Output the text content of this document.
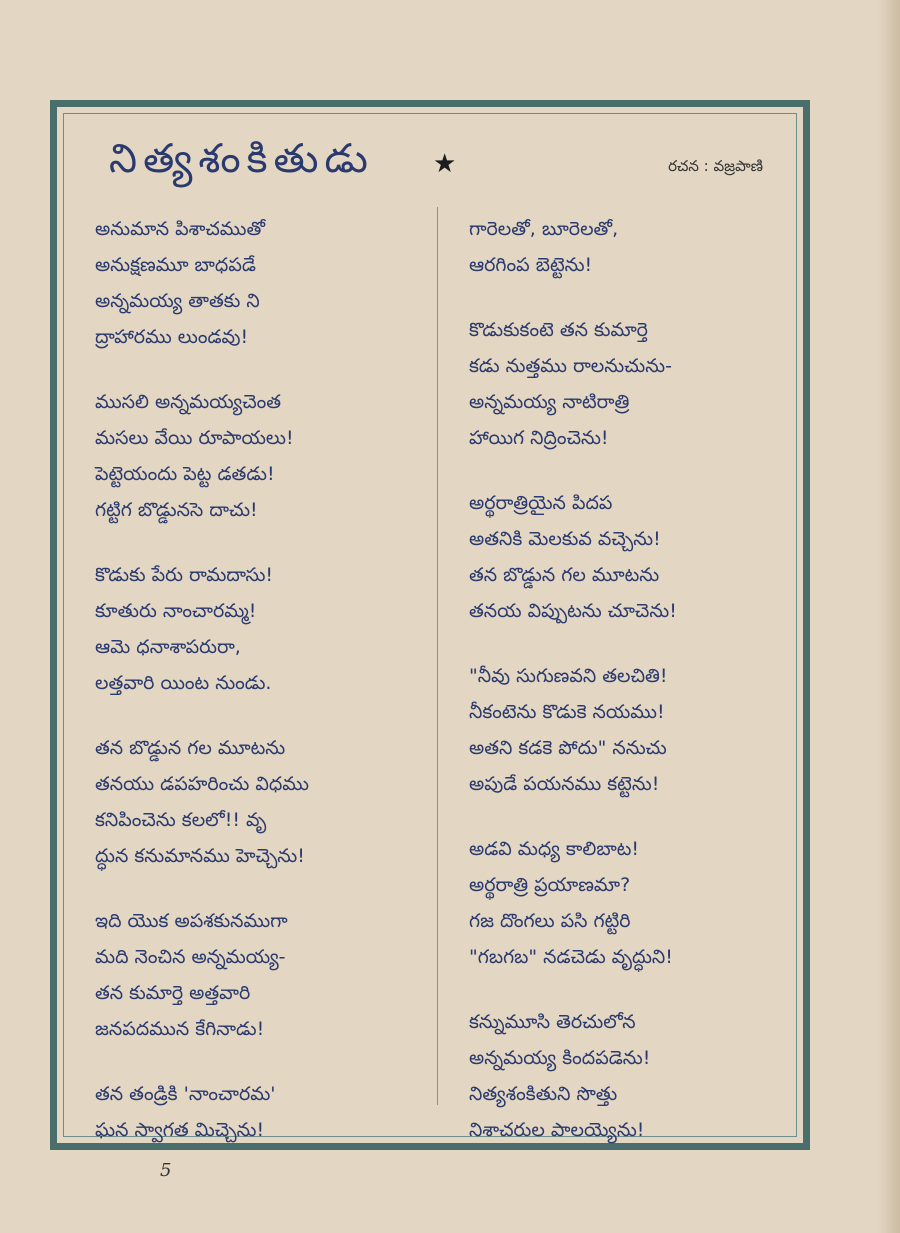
నిత్యశంకితుడు ★	రచన : వజ్రపాణి
అనుమాన పిశాచముతో
అనుక్షణమూ బాధపడే
అన్నమయ్య తాతకు ని
ద్రాహారము లుండవు!
ముసలి అన్నమయ్యచెంత
మసలు వేయి రూపాయలు!
పెట్టెయందు పెట్ట డతడు!
గట్టిగ బొడ్డునసె దాచు!
కొడుకు పేరు రామదాసు!
కూతురు నాంచారమ్మ!
ఆమె ధనాశాపరురా,
లత్తవారి యింట నుండు.
తన బొడ్డున గల మూటను
తనయు డపహరించు విధము
కనిపించెను కలలో!! వృ
ద్ధున కనుమానము హెచ్చెను!
ఇది యొక అపశకునముగా
మది నెంచిన అన్నమయ్య-
తన కుమార్తె అత్తవారి
జనపదమున కేగినాడు!
తన తండ్రికి 'నాంచారమ'
ఘన స్వాగత మిచ్చెను!
గారెలతో, బూరెలతో,
ఆరగింప బెట్టెను!
కొడుకుకంటె తన కుమార్తె
కడు నుత్తము రాలనుచును-
అన్నమయ్య నాటిరాత్రి
హాయిగ నిద్రించెను!
అర్థరాత్రియైన పిదప
అతనికి మెలకువ వచ్చెను!
తన బొడ్డున గల మూటను
తనయ విప్పుటను చూచెను!
"నీవు సుగుణవని తలచితి!
నీకంటెను కొడుకె నయము!
అతని కడకె పోదు" ననుచు
అపుడే పయనము కట్టెను!
అడవి మధ్య కాలిబాట!
అర్థరాత్రి ప్రయాణమా?
గజ దొంగలు పసి గట్టిరి
"గబగబ" నడచెడు వృద్ధుని!
కన్నుమూసి తెరచులోన
అన్నమయ్య కిందపడెను!
నిత్యశంకితుని సొత్తు
నిశాచరుల పాలయ్యెను!
5
